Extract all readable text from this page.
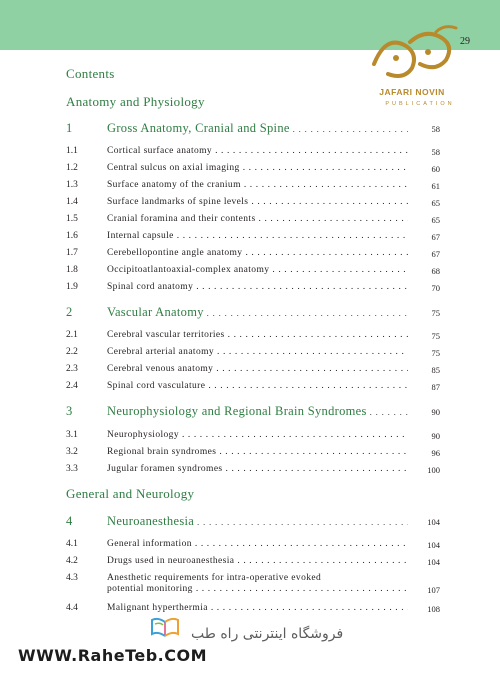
29
JAFARI NOVIN
PUBLICATION
Contents
Anatomy and Physiology
1	Gross Anatomy, Cranial and Spine . . .	58
1.1	Cortical surface anatomy . . .	58
1.2	Central sulcus on axial imaging . . .	60
1.3	Surface anatomy of the cranium . . .	61
1.4	Surface landmarks of spine levels . . .	65
1.5	Cranial foramina and their contents . . .	65
1.6	Internal capsule . . .	67
1.7	Cerebellopontine angle anatomy . . .	67
1.8	Occipitoatlantoaxial-complex anatomy . . .	68
1.9	Spinal cord anatomy . . .	70
2	Vascular Anatomy . . .	75
2.1	Cerebral vascular territories . . .	75
2.2	Cerebral arterial anatomy . . .	75
2.3	Cerebral venous anatomy . . .	85
2.4	Spinal cord vasculature . . .	87
3	Neurophysiology and Regional Brain Syndromes . . .	90
3.1	Neurophysiology . . .	90
3.2	Regional brain syndromes . . .	96
3.3	Jugular foramen syndromes . . .	100
General and Neurology
4	Neuroanesthesia . . .	104
4.1	General information . . .	104
4.2	Drugs used in neuroanesthesia . . .	104
4.3	Anesthetic requirements for intra-operative evoked
potential monitoring . . .	107
4.4	Malignant hyperthermia . . .	108
فروشگاه اینترنتی راه طب
WWW.RaheTeb.COM
